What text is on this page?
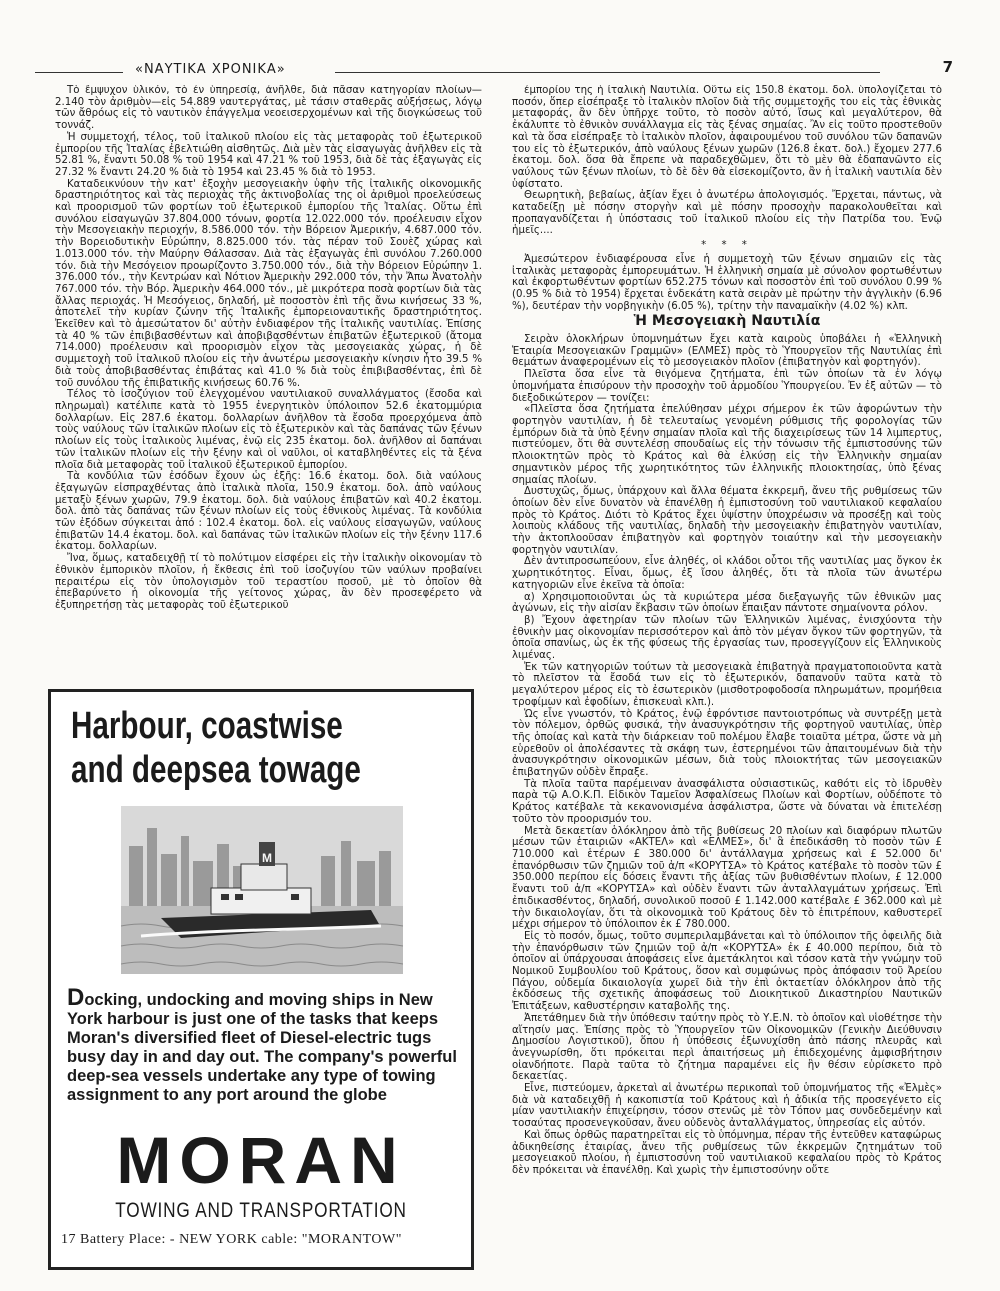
«ΝΑΥΤΙΚΑ ΧΡΟΝΙΚΑ»	7

Τὸ ἔμψυχον ὑλικόν, τὸ ἐν ὑπηρεσίᾳ, ἀνῆλθε, διὰ πᾶσαν κατηγορίαν πλοίων—2.140 τὸν ἀριθμὸν—εἰς 54.889 ναυτεργάτας, μὲ τάσιν σταθερᾶς αὐξήσεως, λόγῳ τῶν ἄθρόως εἰς τὸ ναυτικὸν ἐπάγγελμα νεοεισερχομένων καὶ τῆς διογκώσεως τοῦ τοννάζ.

Ἡ συμμετοχή, τέλος, τοῦ ἰταλικοῦ πλοίου εἰς τὰς μεταφορὰς τοῦ ἐξωτερικοῦ ἐμπορίου τῆς Ἰταλίας ἐβελτιώθη αἰσθητῶς. Διὰ μὲν τὰς εἰσαγωγὰς ἀνῆλθεν εἰς τὰ 52.81 %, ἔναντι 50.08 % τοῦ 1954 καὶ 47.21 % τοῦ 1953, διὰ δὲ τὰς ἐξαγωγὰς εἰς 27.32 % ἔναντι 24.20 % διὰ τὸ 1954 καὶ 23.45 % διὰ τὸ 1953.

Καταδεικνύουν τὴν κατ' ἐξοχὴν μεσογειακὴν ὑφὴν τῆς ἰταλικῆς οἰκονομικῆς δραστηριότητος καὶ τὰς περιοχὰς τῆς ἀκτινοβολίας της οἱ ἀριθμοὶ προελεύσεως καὶ προορισμοῦ τῶν φορτίων τοῦ ἐξωτερικοῦ ἐμπορίου τῆς Ἰταλίας. Οὕτω ἐπὶ συνόλου εἰσαγωγῶν 37.804.000 τόνων, φορτία 12.022.000 τόν. προέλευσιν εἶχον τὴν Μεσογειακὴν περιοχήν, 8.586.000 τόν. τὴν Βόρειον Ἀμερικήν, 4.687.000 τόν. τὴν Βορειοδυτικὴν Εὐρώπην, 8.825.000 τόν. τὰς πέραν τοῦ Σουὲζ χώρας καὶ 1.013.000 τόν. τὴν Μαύρην Θάλασσαν. Διὰ τὰς ἐξαγωγὰς ἐπὶ συνόλου 7.260.000 τόν. διὰ τὴν Μεσόγειον προωρίζοντο 3.750.000 τόν., διὰ τὴν Βόρειον Εὐρώπην 1. 376.000 τόν., τὴν Κεντρώαν καὶ Νότιον Ἀμερικὴν 292.000 τόν, τὴν Ἄπω Ἀνατολὴν 767.000 τόν. τὴν Βόρ. Ἀμερικὴν 464.000 τόν., μὲ μικρότερα ποσὰ φορτίων διὰ τὰς ἄλλας περιοχάς. Ἡ Μεσόγειος, δηλαδή, μὲ ποσοστὸν ἐπὶ τῆς ἄνω κινήσεως 33 %, ἀποτελεῖ τὴν κυρίαν ζώνην τῆς Ἰταλικῆς ἐμπορειοναυτικῆς δραστηριότητος. Ἐκεῖθεν καὶ τὸ ἀμεσώτατον δι' αὐτὴν ἐνδιαφέρον τῆς ἰταλικῆς ναυτιλίας. Ἐπίσης τὰ 40 % τῶν ἐπιβιβασθέντων καὶ ἀποβιβασθέντων ἐπιβατῶν ἐξωτερικοῦ (ἄτομα 714.000) προέλευσιν καὶ προορισμὸν εἶχον τὰς μεσογειακὰς χώρας, ἡ δὲ συμμετοχὴ τοῦ ἰταλικοῦ πλοίου εἰς τὴν ἀνωτέρω μεσογειακὴν κίνησιν ἦτο 39.5 % διὰ τοὺς ἀποβιβασθέντας ἐπιβάτας καὶ 41.0 % διὰ τοὺς ἐπιβιβασθέντας, ἐπὶ δὲ τοῦ συνόλου τῆς ἐπιβατικῆς κινήσεως 60.76 %.

Τέλος τὸ ἰσοζύγιον τοῦ ἐλεγχομένου ναυτιλιακοῦ συναλλάγματος (ἔσοδα καὶ πληρωμαὶ) κατέλιπε κατὰ τὸ 1955 ἐνεργητικὸν ὑπόλοιπον 52.6 ἑκατομμύρια δολλαρίων. Εἰς 287.6 ἑκατομ. δολλαρίων ἀνῆλθον τὰ ἔσοδα προερχόμενα ἀπὸ τοὺς ναύλους τῶν ἰταλικῶν πλοίων εἰς τὸ ἐξωτερικὸν καὶ τὰς δαπάνας τῶν ξένων πλοίων εἰς τοὺς ἰταλικοὺς λιμένας, ἐνῷ εἰς 235 ἑκατομ. δολ. ἀνῆλθον αἱ δαπάναι τῶν ἰταλικῶν πλοίων εἰς τὴν ξένην καὶ οἱ ναῦλοι, οἱ καταβληθέντες εἰς τὰ ξένα πλοῖα διὰ μεταφορὰς τοῦ ἰταλικοῦ ἐξωτερικοῦ ἐμπορίου.

Τὰ κονδύλια τῶν ἐσόδων ἔχουν ὡς ἑξῆς: 16.6 ἑκατομ. δολ. διὰ ναύλους ἐξαγωγῶν εἰσπραχθέντας ἀπὸ ἰταλικὰ πλοῖα, 150.9 ἑκατομ. δολ. ἀπὸ ναύλους μεταξὺ ξένων χωρῶν, 79.9 ἑκατομ. δολ. διὰ ναύλους ἐπιβατῶν καὶ 40.2 ἑκατομ. δολ. ἀπὸ τὰς δαπάνας τῶν ξένων πλοίων εἰς τοὺς ἐθνικοὺς λιμένας. Τὰ κονδύλια τῶν ἐξόδων σύγκειται ἀπό : 102.4 ἑκατομ. δολ. εἰς ναύλους εἰσαγωγῶν, ναύλους ἐπιβατῶν 14.4 ἑκατομ. δολ. καὶ δαπάνας τῶν ἰταλικῶν πλοίων εἰς τὴν ξένην 117.6 ἑκατομ. δολλαρίων.

Ἴνα, ὅμως, καταδειχθῇ τί τὸ πολύτιμον εἰσφέρει εἰς τὴν ἰταλικὴν οἰκονομίαν τὸ ἐθνικὸν ἐμπορικὸν πλοῖον, ἡ ἔκθεσις ἐπὶ τοῦ ἰσοζυγίου τῶν ναύλων προβαίνει περαιτέρω εἰς τὸν ὑπολογισμὸν τοῦ τεραστίου ποσοῦ, μὲ τὸ ὁποῖον θὰ ἐπεβαρύνετο ἡ οἰκονομία τῆς γείτονος χώρας, ἂν δὲν προσεφέρετο νὰ ἐξυπηρετήσῃ τὰς μεταφορὰς τοῦ ἐξωτερικοῦ

ἐμπορίου της ἡ ἰταλικὴ Ναυτιλία. Οὕτω εἰς 150.8 ἑκατομ. δολ. ὑπολογίζεται τὸ ποσόν, ὅπερ εἰσέπραξε τὸ ἰταλικὸν πλοῖον διὰ τῆς συμμετοχῆς του εἰς τὰς ἐθνικὰς μεταφοράς, ἂν δὲν ὑπῆρχε τοῦτο, τὸ ποσὸν αὐτό, ἴσως καὶ μεγαλύτερον, θὰ ἐκάλυπτε τὸ ἐθνικὸν συνάλλαγμα εἰς τὰς ξένας σημαίας. Ἂν εἰς τοῦτο προστεθοῦν καὶ τὰ ὅσα εἰσέπραξε τὸ ἰταλικὸν πλοῖον, ἀφαιρουμένου τοῦ συνόλου τῶν δαπανῶν του εἰς τὸ ἐξωτερικόν, ἀπὸ ναύλους ξένων χωρῶν (126.8 ἑκατ. δολ.) ἔχομεν 277.6 ἑκατομ. δολ. ὅσα θὰ ἔπρεπε νὰ παραδεχθῶμεν, ὅτι τὸ μὲν θὰ ἐδαπανῶντο εἰς ναύλους τῶν ξένων πλοίων, τὸ δὲ δὲν θὰ εἰσεκομίζοντο, ἂν ἡ ἰταλικὴ ναυτιλία δὲν ὑφίστατο.

Θεωρητικὴ, βεβαίως, ἀξίαν ἔχει ὁ ἀνωτέρω ἀπολογισμός. Ἔρχεται, πάντως, νὰ καταδείξῃ μὲ πόσην στοργὴν καὶ μὲ πόσην προσοχὴν παρακολουθεῖται καὶ προπαγανδίζεται ἡ ὑπόστασις τοῦ ἰταλικοῦ πλοίου εἰς τὴν Πατρίδα του. Ἐνῷ ἡμεῖς....

* * *

Ἀμεσώτερον ἐνδιαφέρουσα εἶνε ἡ συμμετοχὴ τῶν ξένων σημαιῶν εἰς τὰς ἰταλικὰς μεταφορὰς ἐμπορευμάτων. Ἡ ἑλληνικὴ σημαία μὲ σύνολον φορτωθέντων καὶ ἐκφορτωθέντων φορτίων 652.275 τόνων καὶ ποσοστὸν ἐπὶ τοῦ συνόλου 0.99 % (0.95 % διὰ τὸ 1954) ἔρχεται ἑνδεκάτη κατὰ σειρὰν μὲ πρώτην τὴν ἀγγλικὴν (6.96 %), δευτέραν τὴν νορβηγικὴν (6.05 %), τρίτην τὴν παναμαϊκὴν (4.02 %) κλπ.

Ἡ Μεσογειακὴ Ναυτιλία

Σειρὰν ὁλοκλήρων ὑπομνημάτων ἔχει κατὰ καιροὺς ὑποβάλει ἡ «Ἑλληνικὴ Ἑταιρία Μεσογειακῶν Γραμμῶν» (ΕΛΜΕΣ) πρὸς τὸ Ὑπουργεῖον τῆς Ναυτιλίας ἐπὶ θεμάτων ἀναφερομένων εἰς τὸ μεσογειακὸν πλοῖον (ἐπιβατηγὸν καὶ φορτηγόν).

Πλεῖστα ὅσα εἶνε τὰ θιγόμενα ζητήματα, ἐπὶ τῶν ὁποίων τὰ ἐν λόγῳ ὑπομνήματα ἐπισύρουν τὴν προσοχὴν τοῦ ἀρμοδίου Ὑπουργείου. Ἐν ἐξ αὐτῶν — τὸ διεξοδικώτερον — τονίζει:

«Πλεῖστα ὅσα ζητήματα ἐπελύθησαν μέχρι σήμερον ἐκ τῶν ἀφορώντων τὴν φορτηγὸν ναυτιλίαν, ἡ δὲ τελευταίως γενομένη ρύθμισις τῆς φορολογίας τῶν ἐμπόρων διὰ τὰ ὑπὸ ξένην σημαίαν πλοῖα καὶ τῆς διαχειρίσεως τῶν 14 λιμπερτυς, πιστεύομεν, ὅτι θὰ συντελέσῃ σπουδαίως εἰς τὴν τόνωσιν τῆς ἐμπιστοσύνης τῶν πλοιοκτητῶν πρὸς τὸ Κράτος καὶ θὰ ἑλκύσῃ εἰς τὴν Ἑλληνικὴν σημαίαν σημαντικὸν μέρος τῆς χωρητικότητος τῶν ἑλληνικῆς πλοιοκτησίας, ὑπὸ ξένας σημαίας πλοίων.

Δυστυχῶς, ὅμως, ὑπάρχουν καὶ ἄλλα θέματα ἐκκρεμῆ, ἄνευ τῆς ρυθμίσεως τῶν ὁποίων δὲν εἶνε δυνατὸν νὰ ἐπανέλθῃ ἡ ἐμπιστοσύνη τοῦ ναυτιλιακοῦ κεφαλαίου πρὸς τὸ Κράτος. Διότι τὸ Κράτος ἔχει ὑψίστην ὑποχρέωσιν νὰ προσέξῃ καὶ τοὺς λοιποὺς κλάδους τῆς ναυτιλίας, δηλαδὴ τὴν μεσογειακὴν ἐπιβατηγὸν ναυτιλίαν, τὴν ἀκτοπλοοῦσαν ἐπιβατηγὸν καὶ φορτηγὸν τοιαύτην καὶ τὴν μεσογειακὴν φορτηγὸν ναυτιλίαν.

Δὲν ἀντιπροσωπεύουν, εἶνε ἀληθές, οἱ κλάδοι οὗτοι τῆς ναυτιλίας μας ὄγκον ἐκ χωρητικότητος. Εἶναι, ὅμως, ἐξ ἴσου ἀληθές, ὅτι τὰ πλοῖα τῶν ἀνωτέρω κατηγοριῶν εἶνε ἐκεῖνα τὰ ὁποῖα:

α) Χρησιμοποιοῦνται ὡς τὰ κυριώτερα μέσα διεξαγωγῆς τῶν ἐθνικῶν μας ἀγώνων, εἰς τὴν αἰσίαν ἔκβασιν τῶν ὁποίων ἔπαιξαν πάντοτε σημαίνοντα ρόλον.

β) Ἔχουν ἀφετηρίαν τῶν πλοίων τῶν Ἑλληνικῶν λιμένας, ἐνισχύοντα τὴν ἐθνικὴν μας οἰκονομίαν περισσότερον καὶ ἀπὸ τὸν μέγαν ὄγκον τῶν φορτηγῶν, τὰ ὁποῖα σπανίως, ὡς ἐκ τῆς φύσεως τῆς ἐργασίας των, προσεγγίζουν εἰς Ἑλληνικοὺς λιμένας.

Ἐκ τῶν κατηγοριῶν τούτων τὰ μεσογειακὰ ἐπιβατηγὰ πραγματοποιοῦντα κατὰ τὸ πλεῖστον τὰ ἔσοδά των εἰς τὸ ἐξωτερικόν, δαπανοῦν ταῦτα κατὰ τὸ μεγαλύτερον μέρος εἰς τὸ ἐσωτερικὸν (μισθοτροφοδοσία πληρωμάτων, προμήθεια τροφίμων καὶ ἐφοδίων, ἐπισκευαὶ κλπ.).

Ὡς εἶνε γνωστόν, τὸ Κράτος, ἐνῷ ἐφρόντισε παντοιοτρόπως νὰ συντρέξῃ μετὰ τὸν πόλεμον, ὀρθῶς φυσικά, τὴν ἀνασυγκρότησιν τῆς φορτηγοῦ ναυτιλίας, ὑπὲρ τῆς ὁποίας καὶ κατὰ τὴν διάρκειαν τοῦ πολέμου ἔλαβε τοιαῦτα μέτρα, ὥστε νὰ μὴ εὑρεθοῦν οἱ ἀπολέσαντες τὰ σκάφη των, ἐστερημένοι τῶν ἀπαιτουμένων διὰ τὴν ἀνασυγκρότησιν οἰκονομικῶν μέσων, διὰ τοὺς πλοιοκτήτας τῶν μεσογειακῶν ἐπιβατηγῶν οὐδὲν ἔπραξε.

Τὰ πλοῖα ταῦτα παρέμειναν ἀνασφάλιστα οὐσιαστικῶς, καθότι εἰς τὸ ἱδρυθὲν παρὰ τῷ Α.Ο.Κ.Π. Εἰδικὸν Ταμεῖον Ἀσφαλίσεως Πλοίων καὶ Φορτίων, οὐδέποτε τὸ Κράτος κατέβαλε τὰ κεκανονισμένα ἀσφάλιστρα, ὥστε νὰ δύναται νὰ ἐπιτελέσῃ τοῦτο τὸν προορισμόν του.

Μετὰ δεκαετίαν ὁλόκληρον ἀπὸ τῆς βυθίσεως 20 πλοίων καὶ διαφόρων πλωτῶν μέσων τῶν ἑταιριῶν «ΑΚΤΕΛ» καὶ «ΕΛΜΕΣ», δι' ἃ ἐπεδικάσθη τὸ ποσὸν τῶν £ 710.000 καὶ ἑτέρων £ 380.000 δι' ἀντάλλαγμα χρήσεως καὶ £ 52.000 δι' ἐπανόρθωσιν τῶν ζημιῶν τοῦ ἀ/π «ΚΟΡΥΤΣΑ» τὸ Κράτος κατέβαλε τὸ ποσὸν τῶν £ 350.000 περίπου εἰς δόσεις ἔναντι τῆς ἀξίας τῶν βυθισθέντων πλοίων, £ 12.000 ἔναντι τοῦ ἀ/π «ΚΟΡΥΤΣΑ» καὶ οὐδὲν ἔναντι τῶν ἀνταλλαγμάτων χρήσεως. Ἐπὶ ἐπιδικασθέντος, δηλαδή, συνολικοῦ ποσοῦ £ 1.142.000 κατέβαλε £ 362.000 καὶ μὲ τὴν δικαιολογίαν, ὅτι τὰ οἰκονομικὰ τοῦ Κράτους δὲν τὸ ἐπιτρέπουν, καθυστερεῖ μέχρι σήμερον τὸ ὑπόλοιπον ἐκ £ 780.000.

Εἰς τὸ ποσόν, ὅμως, τοῦτο συμπεριλαμβάνεται καὶ τὸ ὑπόλοιπον τῆς ὀφειλῆς διὰ τὴν ἐπανόρθωσιν τῶν ζημιῶν τοῦ ἀ/π «ΚΟΡΥΤΣΑ» ἐκ £ 40.000 περίπου, διὰ τὸ ὁποῖον αἱ ὑπάρχουσαι ἀποφάσεις εἶνε ἀμετάκλητοι καὶ τόσον κατὰ τὴν γνώμην τοῦ Νομικοῦ Συμβουλίου τοῦ Κράτους, ὅσον καὶ συμφώνως πρὸς ἀπόφασιν τοῦ Ἀρείου Πάγου, οὐδεμία δικαιολογία χωρεῖ διὰ τὴν ἐπὶ ὀκταετίαν ὁλόκληρον ἀπὸ τῆς ἐκδόσεως τῆς σχετικῆς ἀποφάσεως τοῦ Διοικητικοῦ Δικαστηρίου Ναυτικῶν Ἐπιτάξεων, καθυστέρησιν καταβολῆς της.

Ἀπετάθημεν διὰ τὴν ὑπόθεσιν ταύτην πρὸς τὸ Υ.Ε.Ν. τὸ ὁποῖον καὶ υἱοθέτησε τὴν αἴτησίν μας. Ἐπίσης πρὸς τὸ Ὑπουργεῖον τῶν Οἰκονομικῶν (Γενικὴν Διεύθυνσιν Δημοσίου Λογιστικοῦ), ὅπου ἡ ὑπόθεσις ἐξωνυχίσθη ἀπὸ πάσης πλευρᾶς καὶ ἀνεγνωρίσθη, ὅτι πρόκειται περὶ ἀπαιτήσεως μὴ ἐπιδεχομένης ἀμφισβήτησιν οἱανδήποτε. Παρὰ ταῦτα τὸ ζήτημα παραμένει εἰς ἣν θέσιν εὑρίσκετο πρὸ δεκαετίας.

Εἶνε, πιστεύομεν, ἀρκεταὶ αἱ ἀνωτέρω περικοπαὶ τοῦ ὑπομνήματος τῆς «Ἐλμὲς» διὰ νὰ καταδειχθῇ ἡ κακοπιστία τοῦ Κράτους καὶ ἡ ἀδικία τῆς προσεγένετο εἰς μίαν ναυτιλιακὴν ἐπιχείρησιν, τόσον στενῶς μὲ τὸν Τόπον μας συνδεδεμένην καὶ τοσαύτας προσενεγκοῦσαν, ἄνευ οὐδενὸς ἀνταλλάγματος, ὑπηρεσίας εἰς αὐτόν.

Καὶ ὅπως ὀρθῶς παρατηρεῖται εἰς τὸ ὑπόμνημα, πέραν τῆς ἐντεῦθεν καταφώρως ἀδικηθείσης ἑταιρίας, ἄνευ τῆς ρυθμίσεως τῶν ἐκκρεμῶν ζητημάτων τοῦ μεσογειακοῦ πλοίου, ἡ ἐμπιστοσύνη τοῦ ναυτιλιακοῦ κεφαλαίου πρὸς τὸ Κράτος δὲν πρόκειται νὰ ἐπανέλθῃ. Καὶ χωρὶς τὴν ἐμπιστοσύνην οὔτε

Harbour, coastwise
and deepsea towage
M
Docking, undocking and moving ships in New York harbour is just one of the tasks that keeps Moran's diversified fleet of Diesel-electric tugs busy day in and day out. The company's powerful deep-sea vessels undertake any type of towing assignment to any port around the globe
MORAN
TOWING AND TRANSPORTATION
17 Battery Place: - NEW YORK cable: "MORANTOW"
